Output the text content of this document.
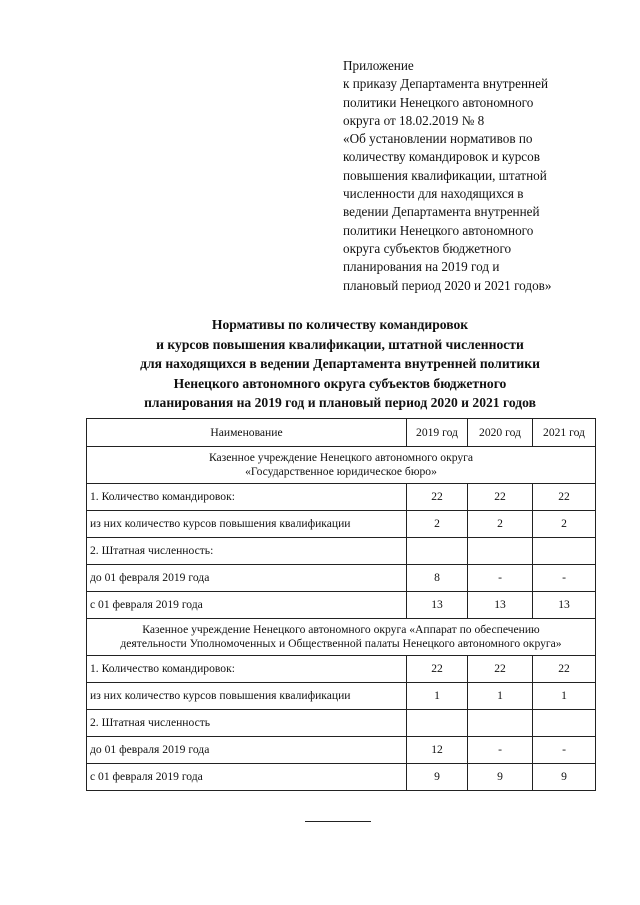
Приложение
к приказу Департамента внутренней
политики Ненецкого автономного
округа от 18.02.2019 № 8
«Об установлении нормативов по
количеству командировок и курсов
повышения квалификации, штатной
численности для находящихся в
ведении Департамента внутренней
политики Ненецкого автономного
округа субъектов бюджетного
планирования на 2019 год и
плановый период 2020 и 2021 годов»
Нормативы по количеству командировок
и курсов повышения квалификации, штатной численности
для находящихся в ведении Департамента внутренней политики
Ненецкого автономного округа субъектов бюджетного
планирования на 2019 год и плановый период 2020 и 2021 годов
Наименование	2019 год	2020 год	2021 год

Казенное учреждение Ненецкого автономного округа
«Государственное юридическое бюро»			

1. Количество командировок:	22	22	22
из них количество курсов повышения квалификации	2	2	2
2. Штатная численность:			
до 01 февраля 2019 года	8	-	-
с 01 февраля 2019 года	13	13	13

Казенное учреждение Ненецкого автономного округа «Аппарат по обеспечению
деятельности Уполномоченных и Общественной палаты Ненецкого автономного округа»			

1. Количество командировок:	22	22	22
из них количество курсов повышения квалификации	1	1	1
2. Штатная численность			
до 01 февраля 2019 года	12	-	-
с 01 февраля 2019 года	9	9	9
